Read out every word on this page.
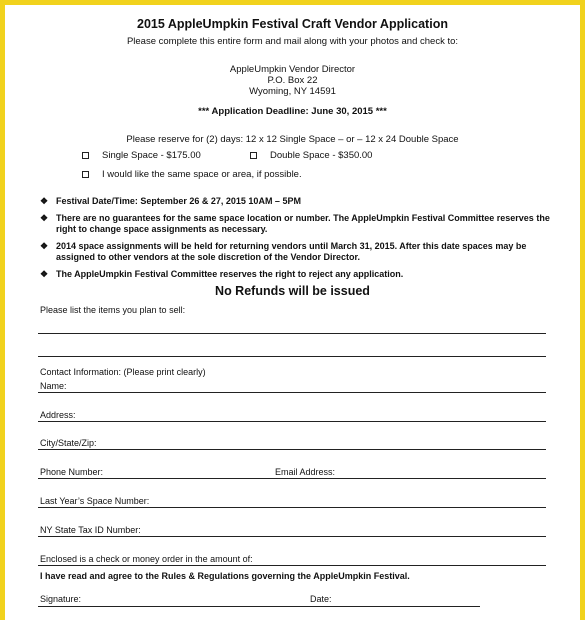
2015 AppleUmpkin Festival Craft Vendor Application
Please complete this entire form and mail along with your photos and check to:
AppleUmpkin Vendor Director
P.O. Box 22
Wyoming, NY 14591
*** Application Deadline: June 30, 2015 ***
Please reserve for (2) days: 12 x 12 Single Space – or – 12 x 24 Double Space
Single Space - $175.00	Double Space - $350.00
I would like the same space or area, if possible.
❖ Festival Date/Time: September 26 & 27, 2015 10AM – 5PM
❖ There are no guarantees for the same space location or number. The AppleUmpkin Festival Committee reserves the right to change space assignments as necessary.
❖ 2014 space assignments will be held for returning vendors until March 31, 2015. After this date spaces may be assigned to other vendors at the sole discretion of the Vendor Director.
❖ The AppleUmpkin Festival Committee reserves the right to reject any application.
No Refunds will be issued
Please list the items you plan to sell:
Contact Information: (Please print clearly)
Name:
Address:
City/State/Zip:
Phone Number:	Email Address:
Last Year’s Space Number:
NY State Tax ID Number:
Enclosed is a check or money order in the amount of:
I have read and agree to the Rules & Regulations governing the AppleUmpkin Festival.
Signature:	Date:
